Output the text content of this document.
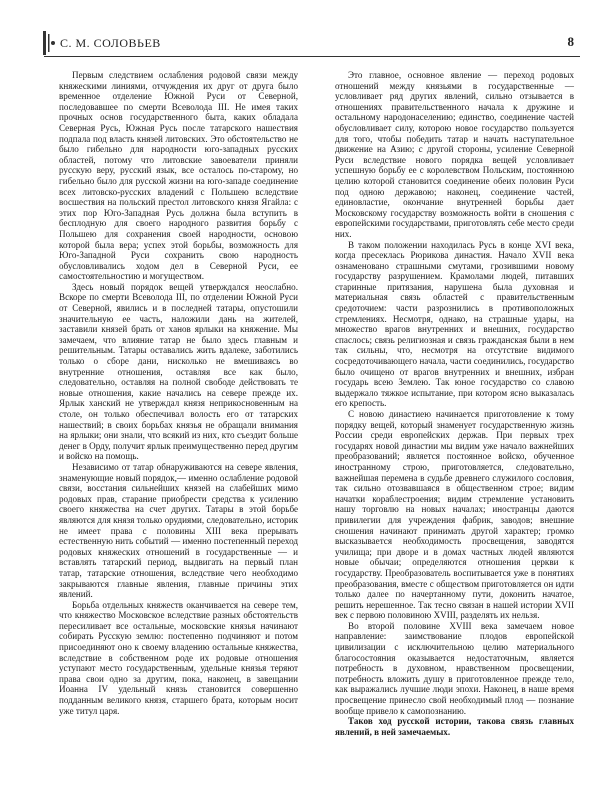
С. М. СОЛОВЬЕВ	8

Первым следствием ослабления родовой связи между княжескими линиями, отчуждения их друг от друга было временное отделение Южной Руси от Северной, последовавшее по смерти Всеволода III. Не имея таких прочных основ государственного быта, каких обладала Северная Русь, Южная Русь после татарского нашествия подпала под власть князей литовских. Это обстоятельство не было гибельно для народности юго-западных русских областей, потому что литовские завоеватели приняли русскую веру, русский язык, все осталось по-старому, но гибельно было для русской жизни на юго-западе соединение всех литовско-русских владений с Польшею вследствие восшествия на польский престол литовского князя Ягайла: с этих пор Юго-Западная Русь должна была вступить в бесплодную для своего народного развития борьбу с Польшею для сохранения своей народности, основою которой была вера; успех этой борьбы, возможность для Юго-Западной Руси сохранить свою народность обусловливались ходом дел в Северной Руси, ее самостоятельностию и могуществом.

Здесь новый порядок вещей утверждался неослабно. Вскоре по смерти Всеволода III, по отделении Южной Руси от Северной, явились и в последней татары, опустошили значительную ее часть, наложили дань на жителей, заставили князей брать от ханов ярлыки на княжение. Мы замечаем, что влияние татар не было здесь главным и решительным. Татары оставались жить вдалеке, заботились только о сборе дани, нисколько не вмешиваясь во внутренние отношения, оставляя все как было, следовательно, оставляя на полной свободе действовать те новые отношения, какие начались на севере прежде их. Ярлык ханский не утверждал князя неприкосновенным на столе, он только обеспечивал волость его от татарских нашествий; в своих борьбах князья не обращали внимания на ярлыки; они знали, что всякий из них, кто съездит больше денег в Орду, получит ярлык преимущественно перед другим и войско на помощь.

Независимо от татар обнаруживаются на севере явления, знаменующие новый порядок,— именно ослабление родовой связи, восстания сильнейших князей на слабейших мимо родовых прав, старание приобрести средства к усилению своего княжества на счет других. Татары в этой борьбе являются для князя только орудиями, следовательно, историк не имеет права с половины XIII века прерывать естественную нить событий — именно постепенный переход родовых княжеских отношений в государственные — и вставлять татарский период, выдвигать на первый план татар, татарские отношения, вследствие чего необходимо закрываются главные явления, главные причины этих явлений.

Борьба отдельных княжеств оканчивается на севере тем, что княжество Московское вследствие разных обстоятельств пересиливает все остальные, московские князья начинают собирать Русскую землю: постепенно подчиняют и потом присоединяют оно к своему владению остальные княжества, вследствие в собственном роде их родовые отношения уступают место государственным, удельные князья теряют права свои одно за другим, пока, наконец, в завещании Иоанна IV удельный князь становится совершенно подданным великого князя, старшего брата, которым носит уже титул царя.

Это главное, основное явление — переход родовых отношений между князьями в государственные — условливает ряд других явлений, сильно отзывается в отношениях правительственного начала к дружине и остальному народонаселению; единство, соединение частей обусловливает силу, которою новое государство пользуется для того, чтобы победить татар и начать наступательное движение на Азию; с другой стороны, усиление Северной Руси вследствие нового порядка вещей условливает успешную борьбу ее с королевством Польским, постоянною целию которой становится соединение обеих половин Руси под одною державою; наконец, соединение частей, единовластие, окончание внутренней борьбы дает Московскому государству возможность войти в сношения с европейскими государствами, приготовлять себе место среди них.

В таком положении находилась Русь в конце XVI века, когда пресеклась Рюрикова династия. Начало XVII века ознаменовано страшными смутами, грозившими новому государству разрушением. Крамолами людей, питавших старинные притязания, нарушена была духовная и материальная связь областей с правительственным средоточием: части разрознились в противоположных стремлениях. Несмотря, однако, на страшные удары, на множество врагов внутренних и внешних, государство спаслось; связь религиозная и связь гражданская были в нем так сильны, что, несмотря на отсутствие видимого сосредоточивающего начала, части соединились, государство было очищено от врагов внутренних и внешних, избран государь всею Землею. Так юное государство со славою выдержало тяжкое испытание, при котором ясно выказалась его крепость.

С новою династиею начинается приготовление к тому порядку вещей, который знаменует государственную жизнь России среди европейских держав. При первых трех государях новой династии мы видим уже начало важнейших преобразований; является постоянное войско, обученное иностранному строю, приготовляется, следовательно, важнейшая перемена в судьбе древнего служилого сословия, так сильно отозвавшаяся в общественном строе; видим начатки кораблестроения; видим стремление установить нашу торговлю на новых началах; иностранцы даются привилегии для учреждения фабрик, заводов; внешние сношения начинают принимать другой характер; громко высказывается необходимость просвещения, заводятся училища; при дворе и в домах частных людей являются новые обычаи; определяются отношения церкви к государству. Преобразователь воспитывается уже в понятиях преобразования, вместе с обществом приготовляется он идти только далее по начертанному пути, доконить начатое, решить нерешенное. Так тесно связан в нашей истории XVII век с первою половиною XVIII, разделять их нельзя.

Во второй половине XVIII века замечаем новое направление: заимствование плодов европейской цивилизации с исключительною целию материального благосостояния оказывается недостаточным, является потребность в духовном, нравственном просвещении, потребность вложить душу в приготовленное прежде тело, как выражались лучшие люди эпохи. Наконец, в наше время просвещение принесло свой необходимый плод — познание вообще привело к самопознанию.

Таков ход русской истории, такова связь главных явлений, в ней замечаемых.
